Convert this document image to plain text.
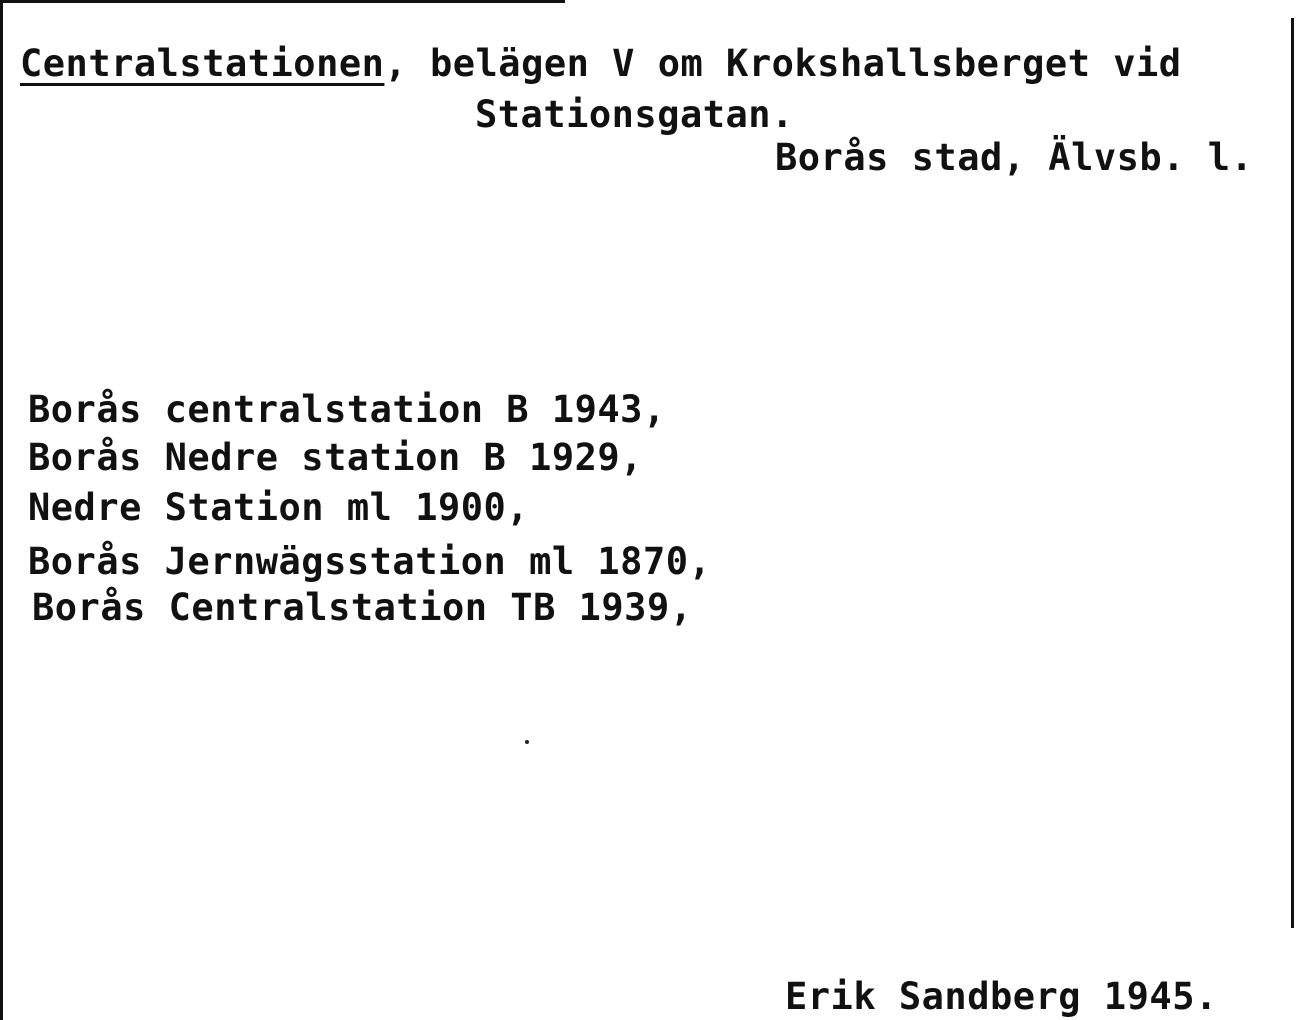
Centralstationen, belägen V om Krokshallsberget vid
Stationsgatan.
Borås stad, Älvsb. l.
Borås centralstation B 1943,
Borås Nedre station B 1929,
Nedre Station ml 1900,
Borås Jernwägsstation ml 1870,
Borås Centralstation TB 1939,
Erik Sandberg 1945.
